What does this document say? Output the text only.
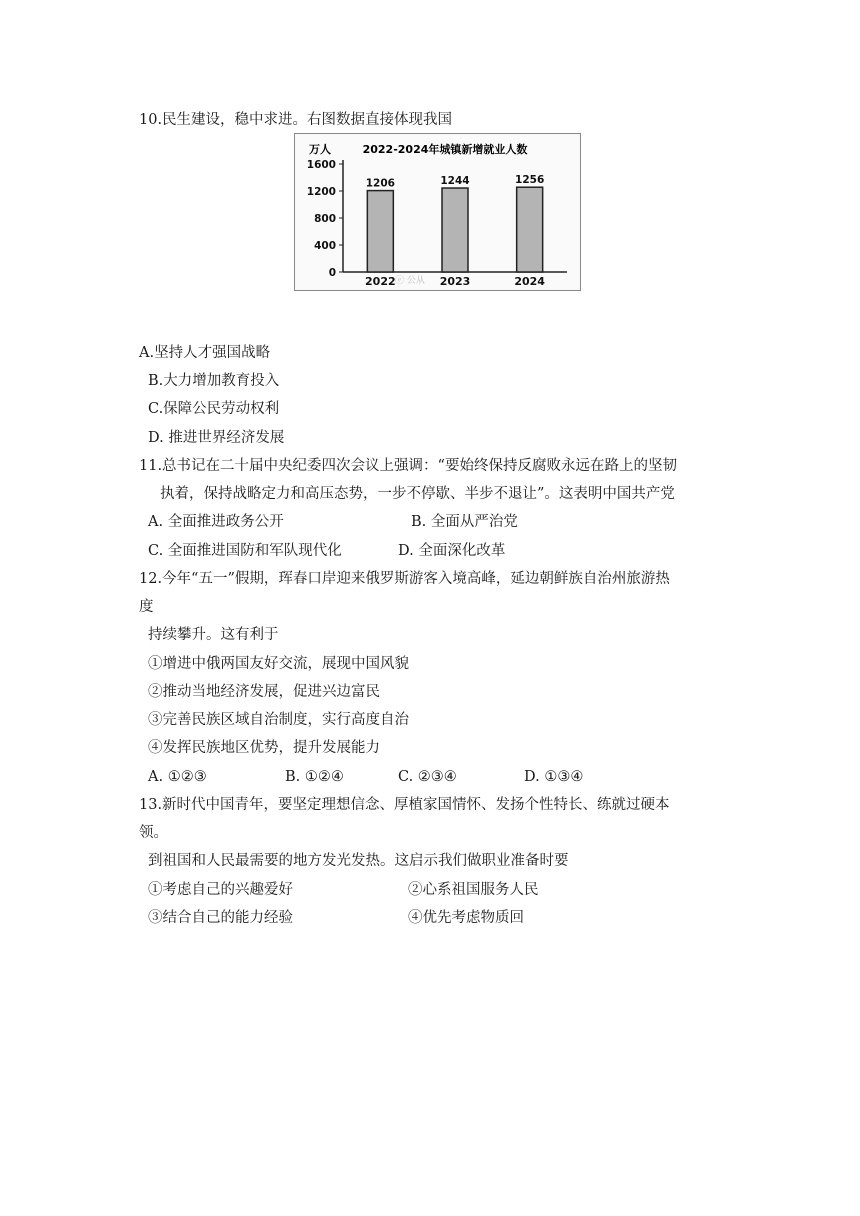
10.民生建设，稳中求进。右图数据直接体现我国
万人	2022-2024年城镇新增就业人数
0
400
800
1200
1600
1206
2022
1244
2023
1256
2024
ⓔ 公从
A.坚持人才强国战略
B.大力增加教育投入
C.保障公民劳动权利
D. 推进世界经济发展
11.总书记在二十届中央纪委四次会议上强调：“要始终保持反腐败永远在路上的坚韧
执着，保持战略定力和高压态势，一步不停歇、半步不退让”。这表明中国共产党
A. 全面推进政务公开	B. 全面从严治党
C. 全面推进国防和军队现代化	D. 全面深化改革
12.今年“五一”假期，珲春口岸迎来俄罗斯游客入境高峰，延边朝鲜族自治州旅游热
度
持续攀升。这有利于
①增进中俄两国友好交流，展现中国风貌
②推动当地经济发展，促进兴边富民
③完善民族区域自治制度，实行高度自治
④发挥民族地区优势，提升发展能力
A. ①②③	B. ①②④	C. ②③④	D. ①③④
13.新时代中国青年，要坚定理想信念、厚植家国情怀、发扬个性特长、练就过硬本
领。
到祖国和人民最需要的地方发光发热。这启示我们做职业准备时要
①考虑自己的兴趣爱好	②心系祖国服务人民
③结合自己的能力经验	④优先考虑物质回
